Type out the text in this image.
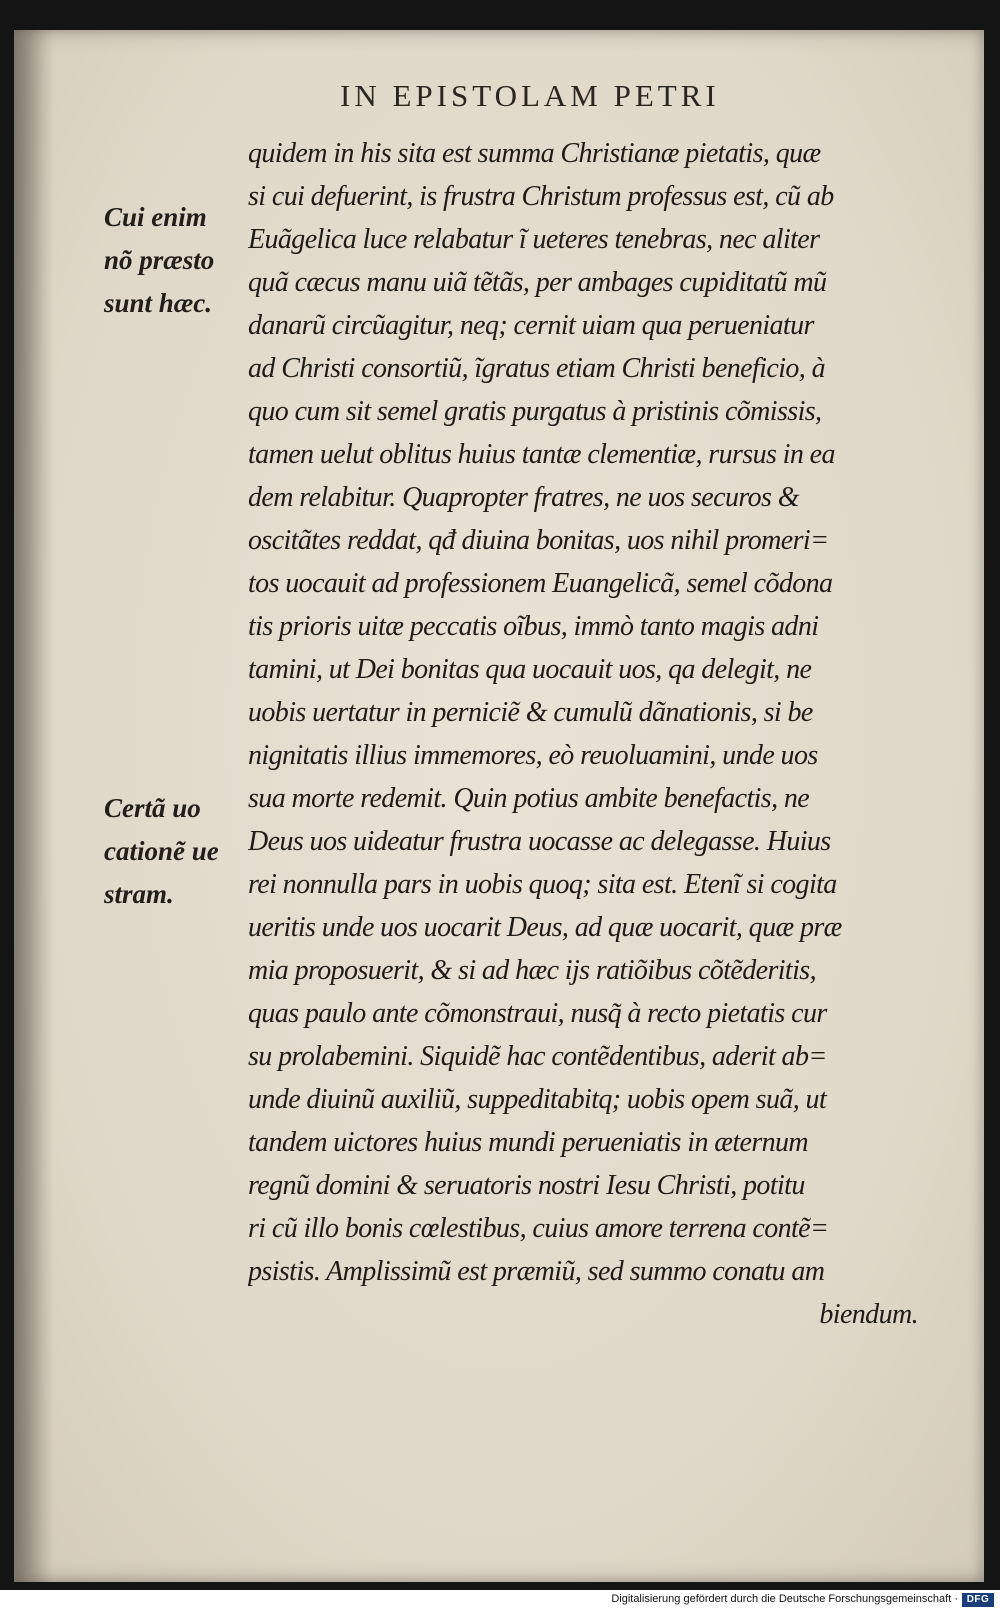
IN EPISTOLAM PETRI
Cui enim
nõ præsto
sunt hæc.
Certã uo
cationẽ ue
stram.
quidem in his sita est summa Christianæ pietatis, quæ
si cui defuerint, is frustra Christum professus est, cũ ab
Euãgelica luce relabatur ĩ ueteres tenebras, nec aliter
quã cæcus manu uiã tẽtãs, per ambages cupiditatũ mũ
danarũ circũagitur, neq; cernit uiam qua perueniatur
ad Christi consortiũ, ĩgratus etiam Christi beneficio, à
quo cum sit semel gratis purgatus à pristinis cõmissis,
tamen uelut oblitus huius tantæ clementiæ, rursus in ea
dem relabitur. Quapropter fratres, ne uos securos &
oscitãtes reddat, qđ diuina bonitas, uos nihil promeri=
tos uocauit ad professionem Euangelicã, semel cõdona
tis prioris uitæ peccatis oĩbus, immò tanto magis adni
tamini, ut Dei bonitas qua uocauit uos, qa delegit, ne
uobis uertatur in perniciẽ & cumulũ dãnationis, si be
nignitatis illius immemores, eò reuoluamini, unde uos
sua morte redemit. Quin potius ambite benefactis, ne
Deus uos uideatur frustra uocasse ac delegasse. Huius
rei nonnulla pars in uobis quoq; sita est. Etenĩ si cogita
ueritis unde uos uocarit Deus, ad quæ uocarit, quæ præ
mia proposuerit, & si ad hæc ijs ratiõibus cõtẽderitis,
quas paulo ante cõmonstraui, nusq̃ à recto pietatis cur
su prolabemini. Siquidẽ hac contẽdentibus, aderit ab=
unde diuinũ auxiliũ, suppeditabitq; uobis opem suã, ut
tandem uictores huius mundi perueniatis in æternum
regnũ domini & seruatoris nostri Iesu Christi, potitu
ri cũ illo bonis cœlestibus, cuius amore terrena contẽ=
psistis. Amplissimũ est præmiũ, sed summo conatu am
biendum.
Digitalisierung gefördert durch die Deutsche Forschungsgemeinschaft · DFG
